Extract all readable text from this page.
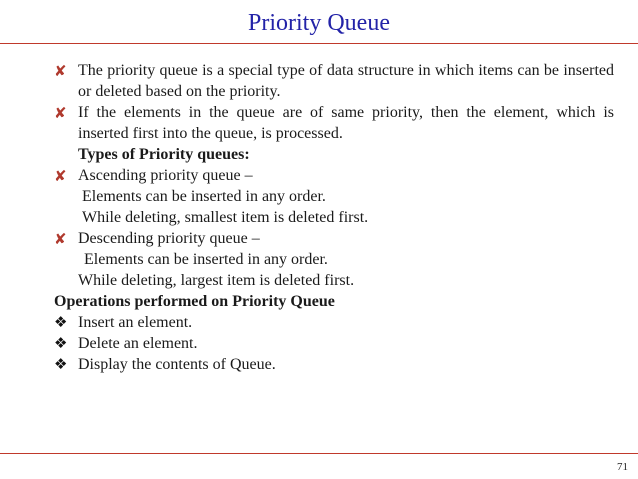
Priority Queue
✘ The priority queue is a special type of data structure in which items can be inserted or deleted based on the priority.
✘ If the elements in the queue are of same priority, then the element, which is inserted first into the queue, is processed.
Types of Priority queues:
✘ Ascending priority queue –
Elements can be inserted in any order.
While deleting, smallest item is deleted first.
✘ Descending priority queue –
Elements can be inserted in any order.
While deleting, largest item is deleted first.
Operations performed on Priority Queue
❖ Insert an element.
❖ Delete an element.
❖ Display the contents of Queue.
71
